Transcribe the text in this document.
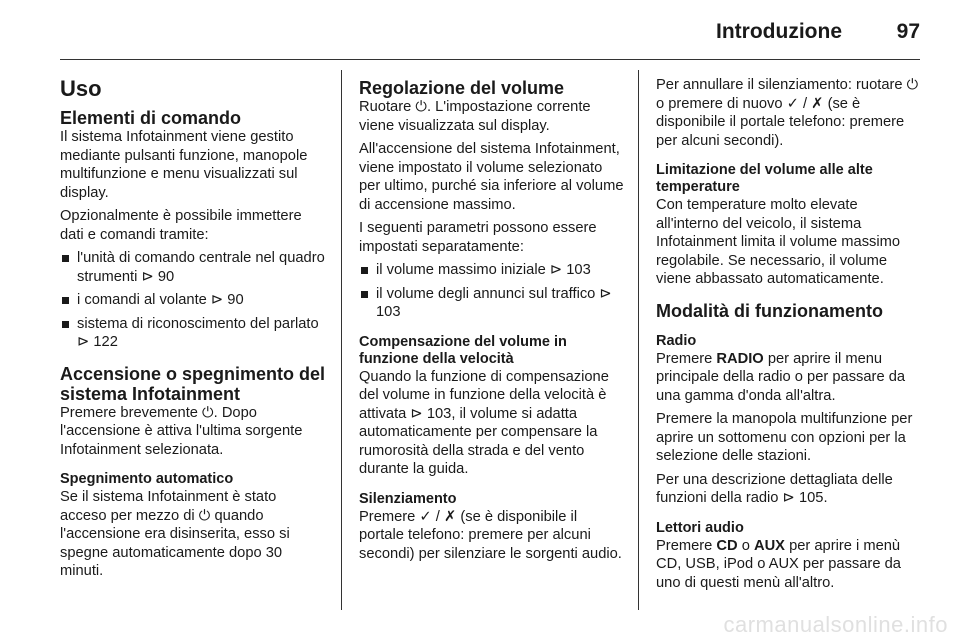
Introduzione	97
Uso
Elementi di comando
Il sistema Infotainment viene gestito mediante pulsanti funzione, manopole multifunzione e menu visualizzati sul display.
Opzionalmente è possibile immettere dati e comandi tramite:
l'unità di comando centrale nel quadro strumenti ⊳ 90
i comandi al volante ⊳ 90
sistema di riconoscimento del parlato ⊳ 122
Accensione o spegnimento del sistema Infotainment
Premere brevemente ⏻. Dopo l'accensione è attiva l'ultima sorgente Infotainment selezionata.
Spegnimento automatico
Se il sistema Infotainment è stato acceso per mezzo di ⏻ quando l'accensione era disinserita, esso si spegne automaticamente dopo 30 minuti.
Regolazione del volume
Ruotare ⏻. L'impostazione corrente viene visualizzata sul display.
All'accensione del sistema Infotainment, viene impostato il volume selezionato per ultimo, purché sia inferiore al volume di accensione massimo.
I seguenti parametri possono essere impostati separatamente:
il volume massimo iniziale ⊳ 103
il volume degli annunci sul traffico ⊳ 103
Compensazione del volume in funzione della velocità
Quando la funzione di compensazione del volume in funzione della velocità è attivata ⊳ 103, il volume si adatta automaticamente per compensare la rumorosità della strada e del vento durante la guida.
Silenziamento
Premere ✓ / ✗ (se è disponibile il portale telefono: premere per alcuni secondi) per silenziare le sorgenti audio.
Per annullare il silenziamento: ruotare ⏻ o premere di nuovo ✓ / ✗ (se è disponibile il portale telefono: premere per alcuni secondi).
Limitazione del volume alle alte temperature
Con temperature molto elevate all'interno del veicolo, il sistema Infotainment limita il volume massimo regolabile. Se necessario, il volume viene abbassato automaticamente.
Modalità di funzionamento
Radio
Premere RADIO per aprire il menu principale della radio o per passare da una gamma d'onda all'altra.
Premere la manopola multifunzione per aprire un sottomenu con opzioni per la selezione delle stazioni.
Per una descrizione dettagliata delle funzioni della radio ⊳ 105.
Lettori audio
Premere CD o AUX per aprire i menù CD, USB, iPod o AUX per passare da uno di questi menù all'altro.
carmanualsonline.info
